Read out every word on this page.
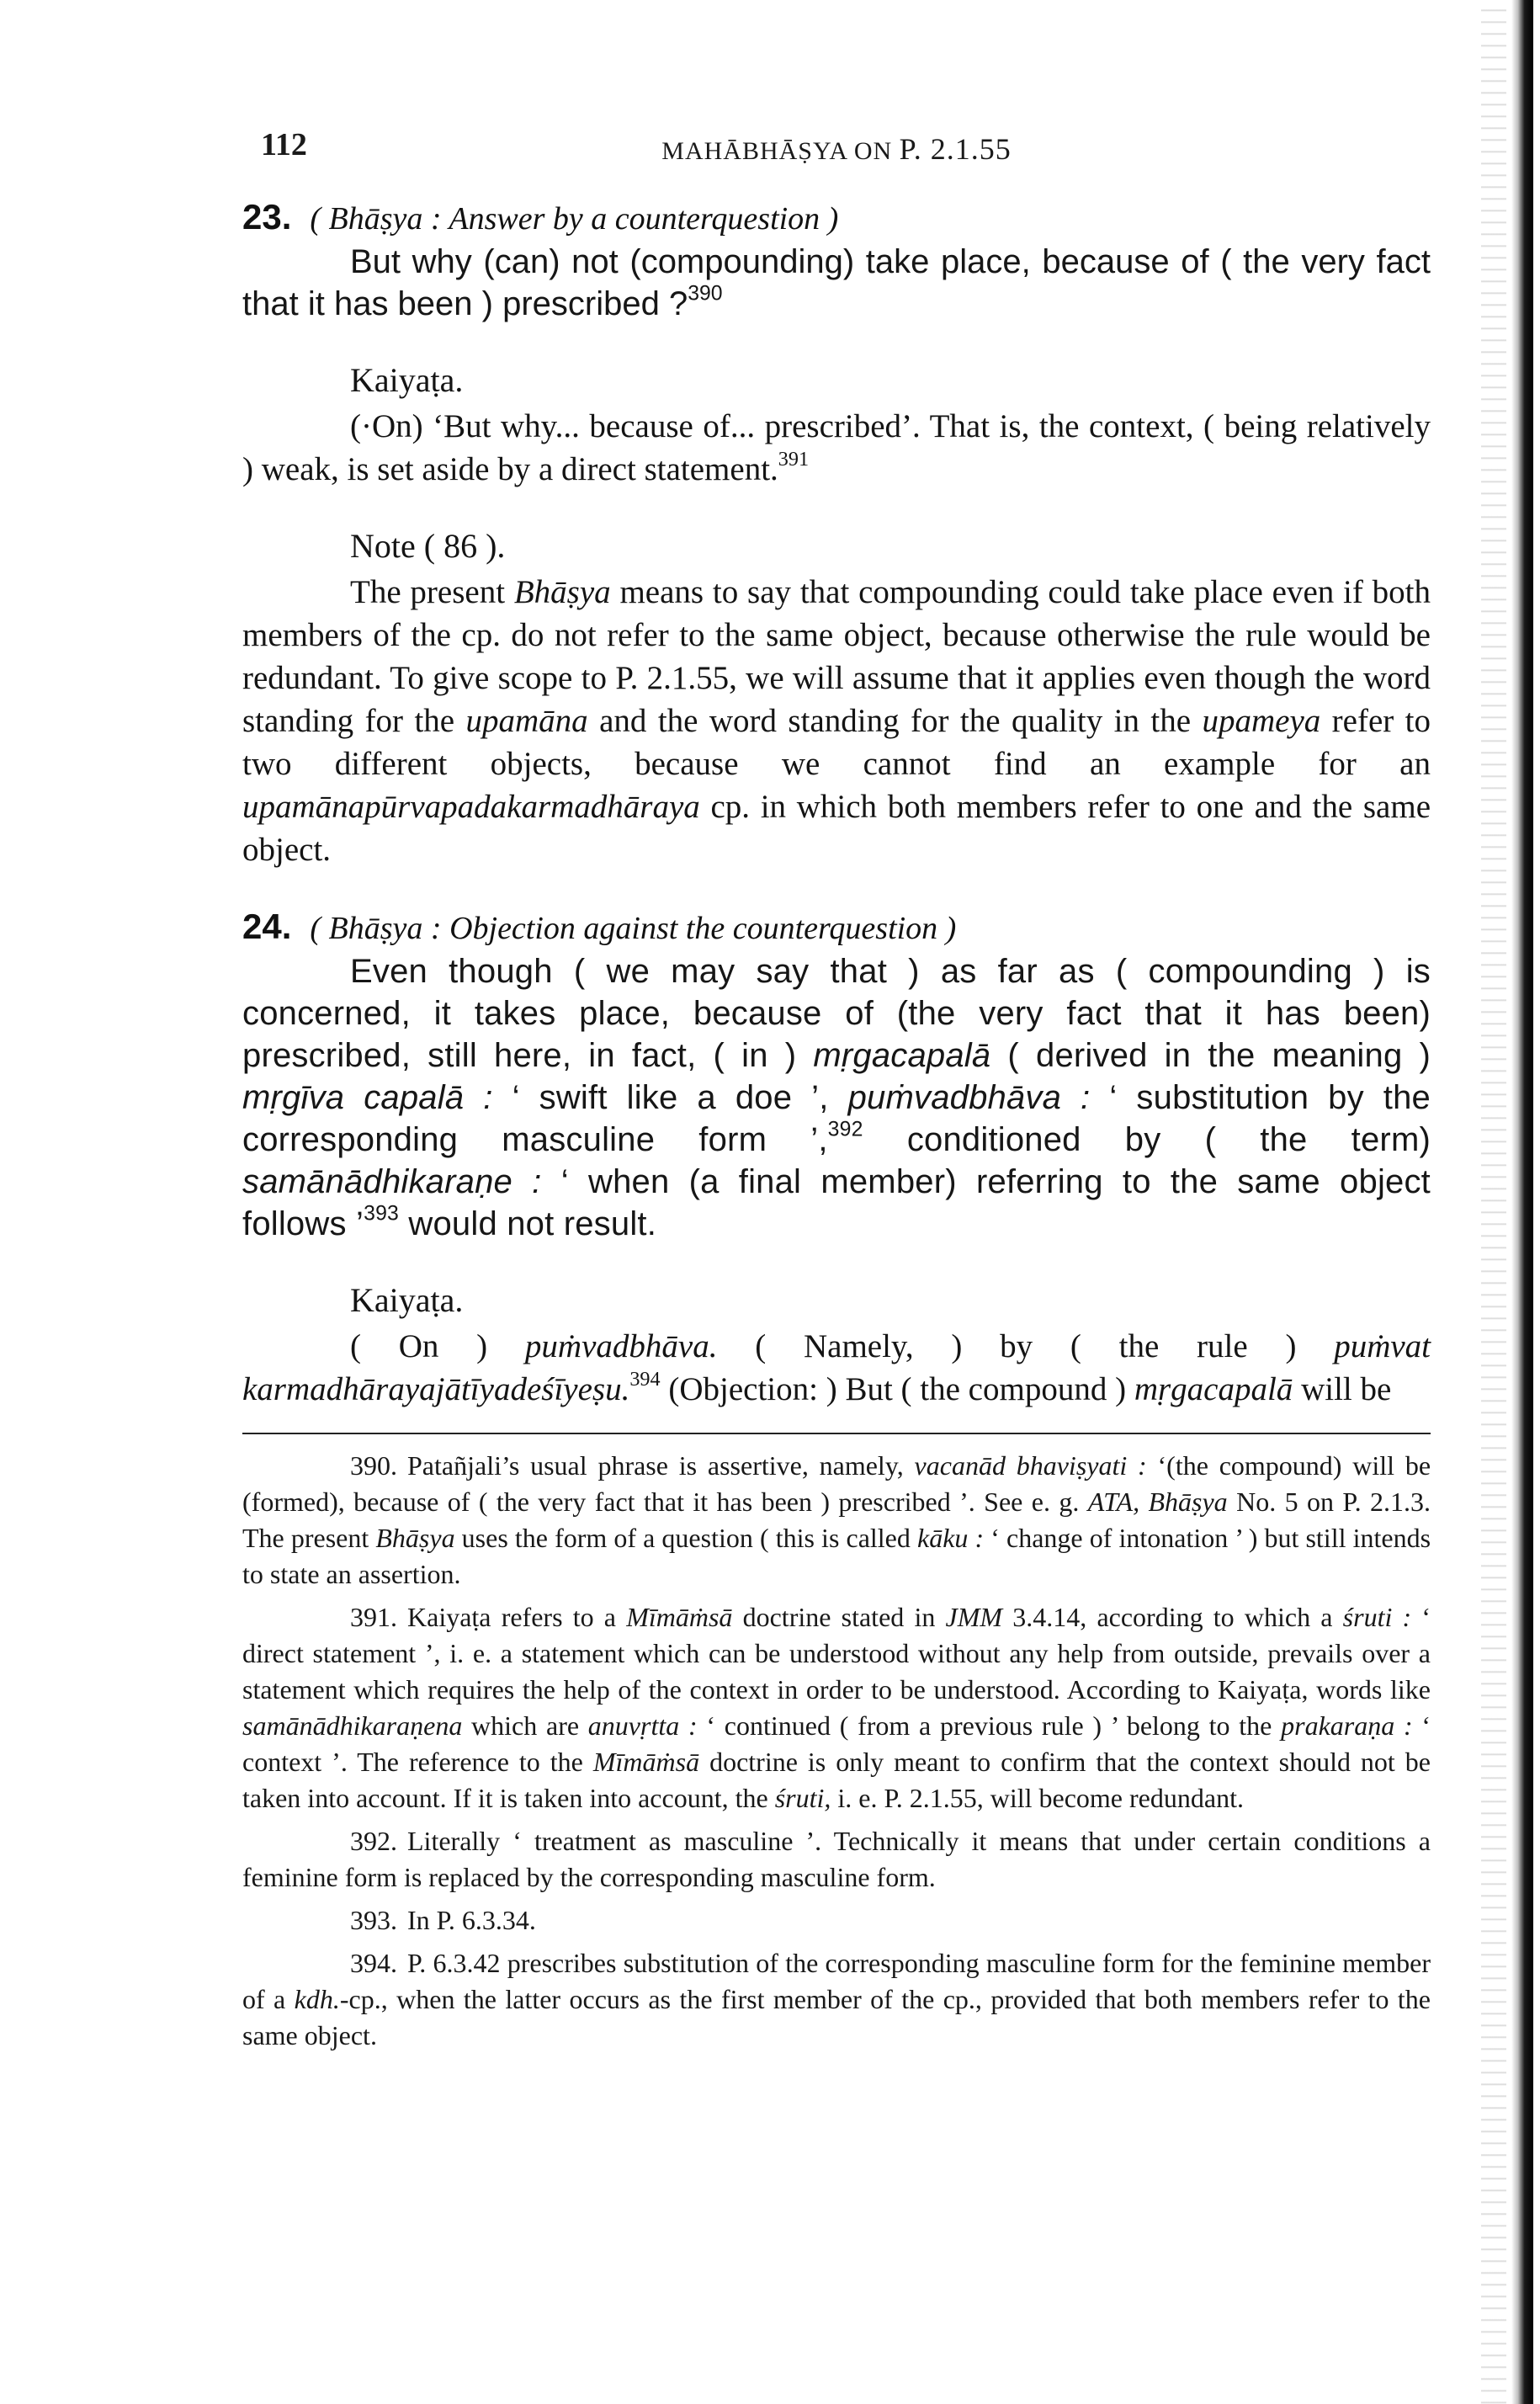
112	MAHĀBHĀṢYA ON P. 2.1.55
23. ( Bhāṣya : Answer by a counterquestion )

But why (can) not (compounding) take place, because of ( the very fact that it has been ) prescribed ?$^{390}$

Kaiyaṭa.

(·On) ‘But why... because of... prescribed’. That is, the context, ( being relatively ) weak, is set aside by a direct statement.$^{391}$

Note ( 86 ).

The present Bhāṣya means to say that compounding could take place even if both members of the cp. do not refer to the same object, because otherwise the rule would be redundant. To give scope to P. 2.1.55, we will assume that it applies even though the word standing for the upamāna and the word standing for the quality in the upameya refer to two different objects, because we cannot find an example for an upamānapūrvapadakarmadhāraya cp. in which both members refer to one and the same object.

24. ( Bhāṣya : Objection against the counterquestion )

Even though ( we may say that ) as far as ( compounding ) is concerned, it takes place, because of (the very fact that it has been) prescribed, still here, in fact, ( in ) mṛgacapalā ( derived in the meaning ) mṛgīva capalā : ‘ swift like a doe ’, puṁvadbhāva : ‘ substitution by the corresponding masculine form ’,$^{392}$ conditioned by ( the term) samānādhikaraṇe : ‘ when (a final member) referring to the same object follows ’$^{393}$ would not result.

Kaiyaṭa.

( On ) puṁvadbhāva. ( Namely, ) by ( the rule ) puṁvat karmadhārayajātīyadeśīyeṣu.$^{394}$ (Objection: ) But ( the compound ) mṛgacapalā will be

390. Patañjali’s usual phrase is assertive, namely, vacanād bhaviṣyati : ‘(the compound) will be (formed), because of ( the very fact that it has been ) prescribed ’. See e. g. ATA, Bhāṣya No. 5 on P. 2.1.3. The present Bhāṣya uses the form of a question ( this is called kāku : ‘ change of intonation ’ ) but still intends to state an assertion.

391. Kaiyaṭa refers to a Mīmāṁsā doctrine stated in JMM 3.4.14, according to which a śruti : ‘ direct statement ’, i. e. a statement which can be understood without any help from outside, prevails over a statement which requires the help of the context in order to be understood. According to Kaiyaṭa, words like samānādhikaraṇena which are anuvṛtta : ‘ continued ( from a previous rule ) ’ belong to the prakaraṇa : ‘ context ’. The reference to the Mīmāṁsā doctrine is only meant to confirm that the context should not be taken into account. If it is taken into account, the śruti, i. e. P. 2.1.55, will become redundant.

392. Literally ‘ treatment as masculine ’. Technically it means that under certain conditions a feminine form is replaced by the corresponding masculine form.

393. In P. 6.3.34.

394. P. 6.3.42 prescribes substitution of the corresponding masculine form for the feminine member of a kdh.-cp., when the latter occurs as the first member of the cp., provided that both members refer to the same object.
